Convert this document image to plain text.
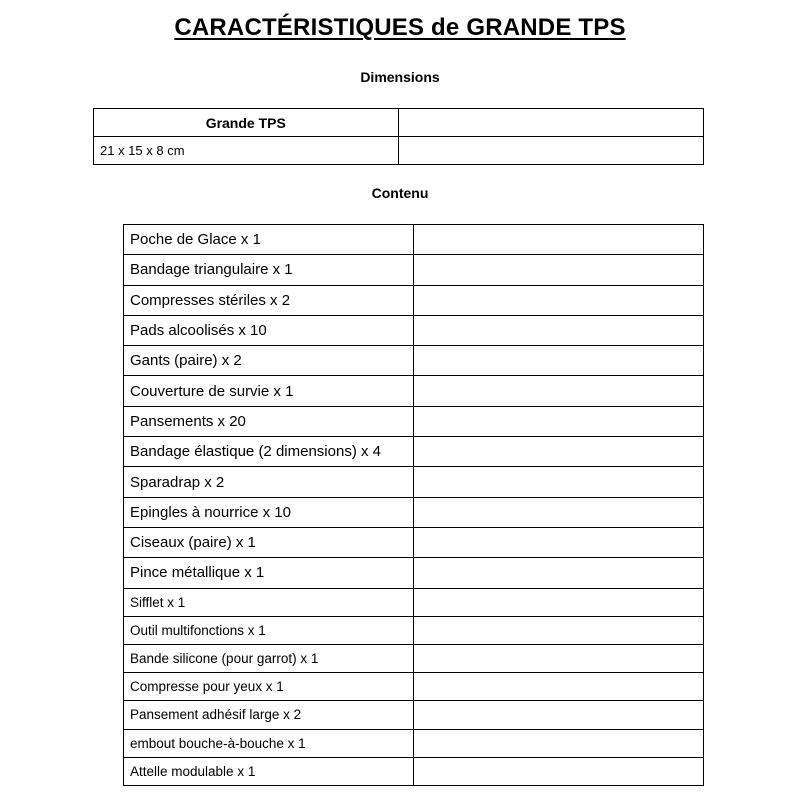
CARACTÉRISTIQUES de GRANDE TPS
Dimensions
Grande TPS	
21 x 15 x 8 cm	
Contenu
Poche de Glace x 1	
Bandage triangulaire x 1	
Compresses stériles x 2	
Pads alcoolisés x 10	
Gants (paire) x 2	
Couverture de survie x 1	
Pansements x 20	
Bandage élastique (2 dimensions) x 4	
Sparadrap x 2	
Epingles à nourrice x 10	
Ciseaux (paire) x 1	
Pince métallique x 1	
Sifflet x 1	
Outil multifonctions x 1	
Bande silicone (pour garrot) x 1	
Compresse pour yeux x 1	
Pansement adhésif large x 2	
embout bouche-à-bouche x 1	
Attelle modulable x 1	
